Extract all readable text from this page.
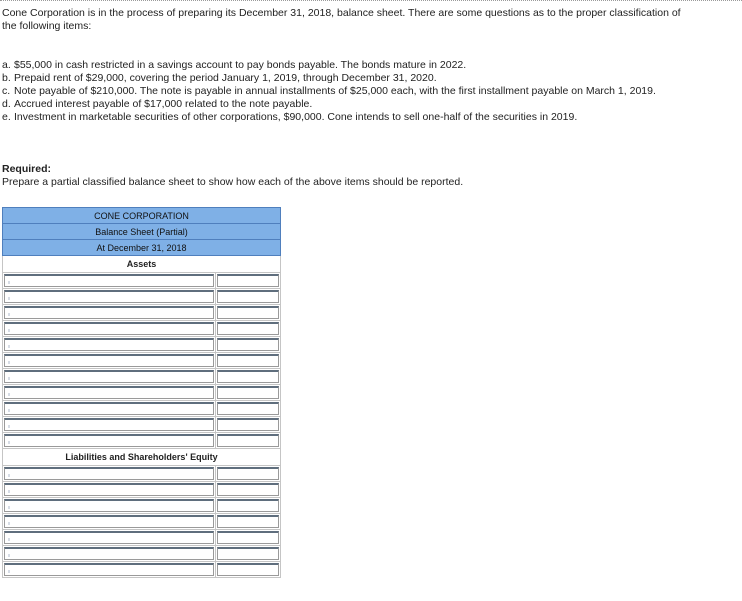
Cone Corporation is in the process of preparing its December 31, 2018, balance sheet. There are some questions as to the proper classification of the following items:
a. $55,000 in cash restricted in a savings account to pay bonds payable. The bonds mature in 2022.
b. Prepaid rent of $29,000, covering the period January 1, 2019, through December 31, 2020.
c. Note payable of $210,000. The note is payable in annual installments of $25,000 each, with the first installment payable on March 1, 2019.
d. Accrued interest payable of $17,000 related to the note payable.
e. Investment in marketable securities of other corporations, $90,000. Cone intends to sell one-half of the securities in 2019.
Required:
Prepare a partial classified balance sheet to show how each of the above items should be reported.
CONE CORPORATION	
Balance Sheet (Partial)	
At December 31, 2018	
Assets	

Liabilities and Shareholders' Equity	
